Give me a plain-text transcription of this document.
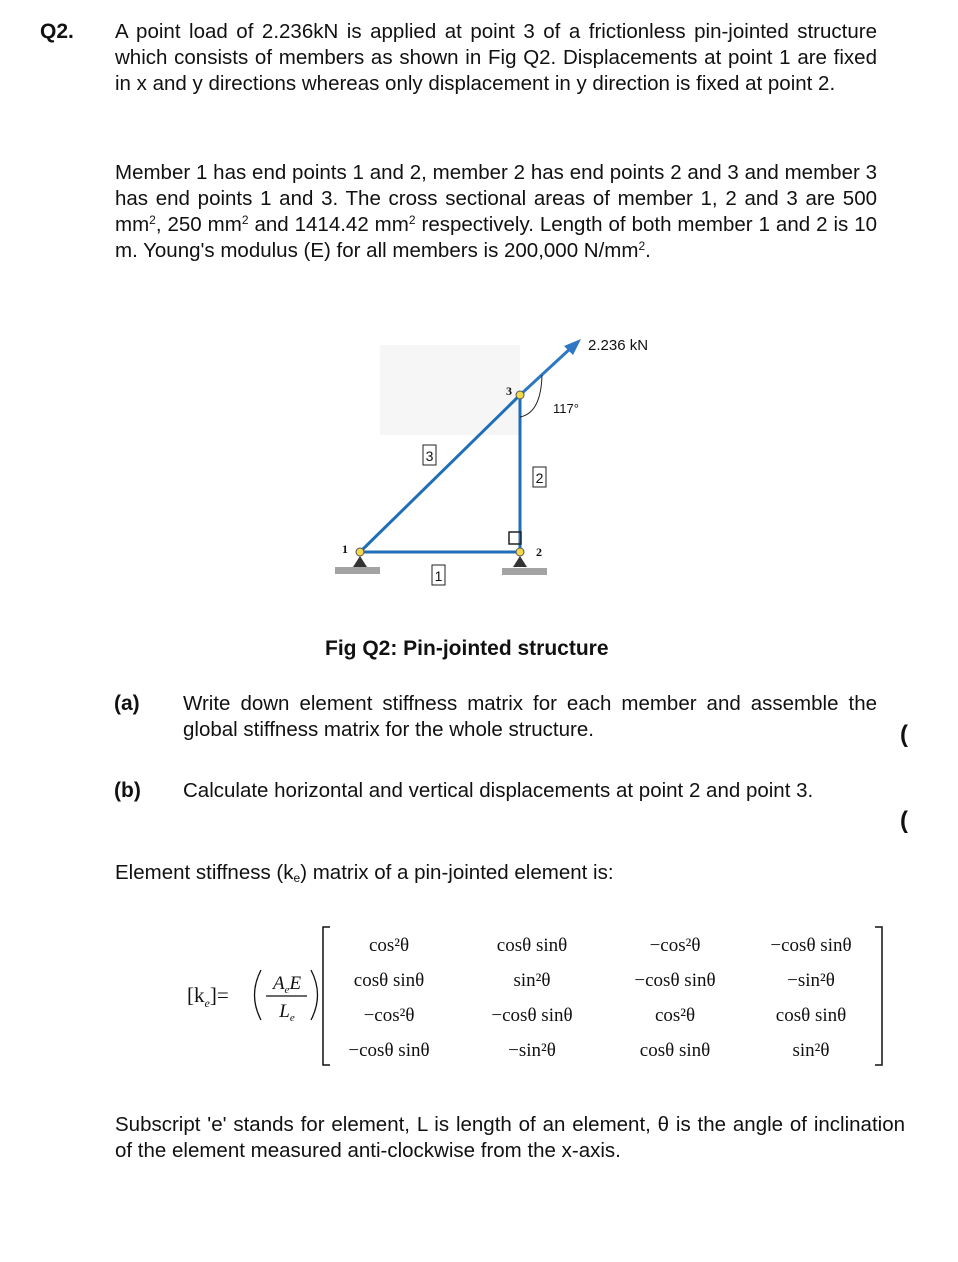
Q2. A point load of 2.236kN is applied at point 3 of a frictionless pin-jointed structure which consists of members as shown in Fig Q2. Displacements at point 1 are fixed in x and y directions whereas only displacement in y direction is fixed at point 2.

Member 1 has end points 1 and 2, member 2 has end points 2 and 3 and member 3 has end points 1 and 3. The cross sectional areas of member 1, 2 and 3 are 500 $mm^2$, 250 $mm^2$ and 1414.42 $mm^2$ respectively. Length of both member 1 and 2 is 10 m. Young's modulus (E) for all members is 200,000 $N/mm^2$.

2.236 kN
117°
1	2
3
3
2
1
Fig Q2: Pin-jointed structure
(a) Write down element stiffness matrix for each member and assemble the global stiffness matrix for the whole structure.	(
(b) Calculate horizontal and vertical displacements at point 2 and point 3.

(

Element stiffness $(k_e)$ matrix of a pin-jointed element is:

$[k_e]= A_eE$
$L_e$
cos²θ	cosθ sinθ	−cos²θ	−cosθ sinθ
cosθ sinθ	sin²θ	−cosθ sinθ	−sin²θ
−cos²θ	−cosθ sinθ	cos²θ	cosθ sinθ
−cosθ sinθ	−sin²θ	cosθ sinθ	sin²θ

Subscript 'e' stands for element, L is length of an element, θ is the angle of inclination of the element measured anti-clockwise from the x-axis.
